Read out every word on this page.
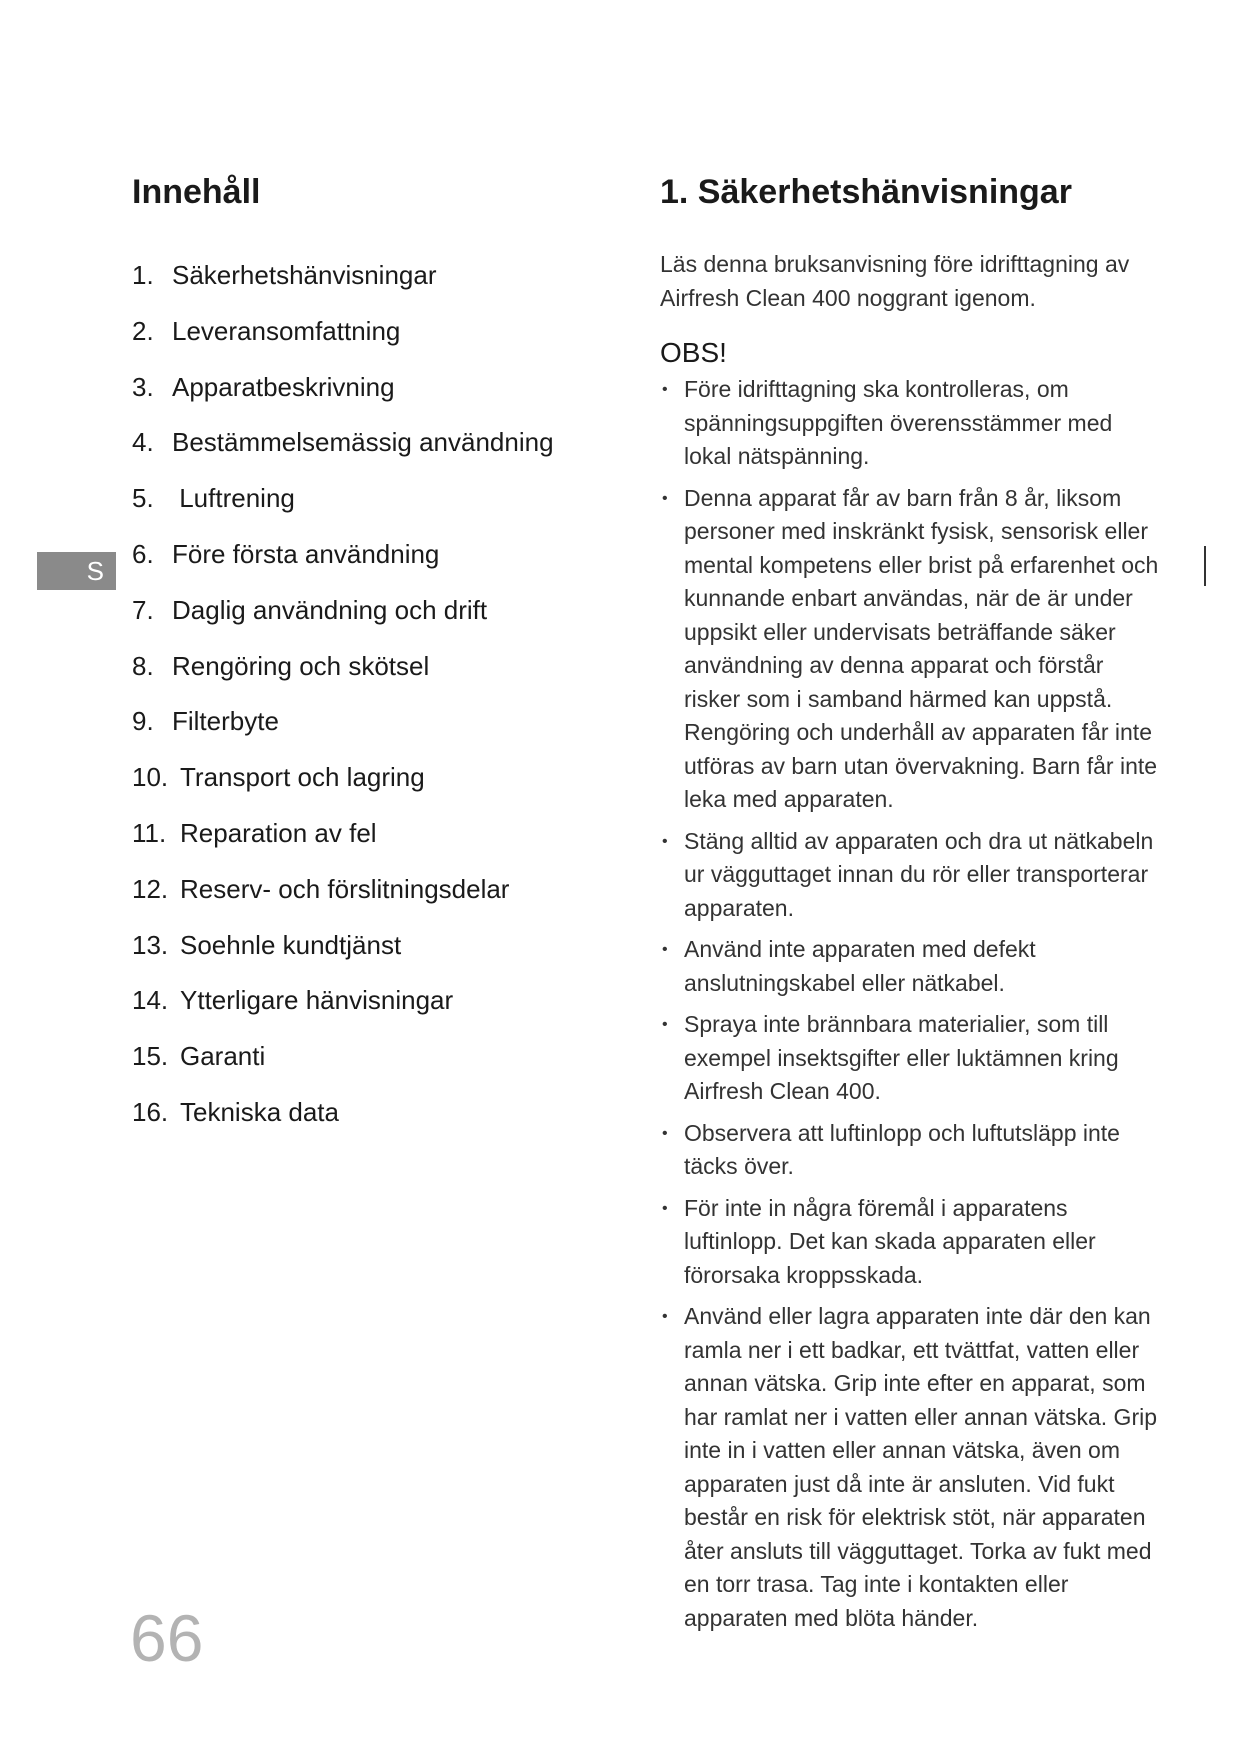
Innehåll
1. Säkerhetshänvisningar
2. Leveransomfattning
3. Apparatbeskrivning
4. Bestämmelsemässig användning
5. Luftrening
6. Före första användning
7. Daglig användning och drift
8. Rengöring och skötsel
9. Filterbyte
10. Transport och lagring
11. Reparation av fel
12. Reserv- och förslitningsdelar
13. Soehnle kundtjänst
14. Ytterligare hänvisningar
15. Garanti
16. Tekniska data
S
66
1. Säkerhetshänvisningar

Läs denna bruksanvisning före idrifttagning av Airfresh Clean 400 noggrant igenom.

OBS!
• Före idrifttagning ska kontrolleras, om spänningsuppgiften överensstämmer med lokal nätspänning.
• Denna apparat får av barn från 8 år, liksom personer med inskränkt fysisk, sensorisk eller mental kompetens eller brist på erfarenhet och kunnande enbart användas, när de är under uppsikt eller undervisats beträffande säker användning av denna apparat och förstår risker som i samband härmed kan uppstå. Rengöring och underhåll av apparaten får inte utföras av barn utan övervakning. Barn får inte leka med apparaten.
• Stäng alltid av apparaten och dra ut nätkabeln ur vägguttaget innan du rör eller transporterar apparaten.
• Använd inte apparaten med defekt anslutningskabel eller nätkabel.
• Spraya inte brännbara materialier, som till exempel insektsgifter eller luktämnen kring Airfresh Clean 400.
• Observera att luftinlopp och luftutsläpp inte täcks över.
• För inte in några föremål i apparatens luftinlopp. Det kan skada apparaten eller förorsaka kroppsskada.
• Använd eller lagra apparaten inte där den kan ramla ner i ett badkar, ett tvättfat, vatten eller annan vätska. Grip inte efter en apparat, som har ramlat ner i vatten eller annan vätska. Grip inte in i vatten eller annan vätska, även om apparaten just då inte är ansluten. Vid fukt består en risk för elektrisk stöt, när apparaten åter ansluts till vägguttaget. Torka av fukt med en torr trasa. Tag inte i kontakten eller apparaten med blöta händer.
